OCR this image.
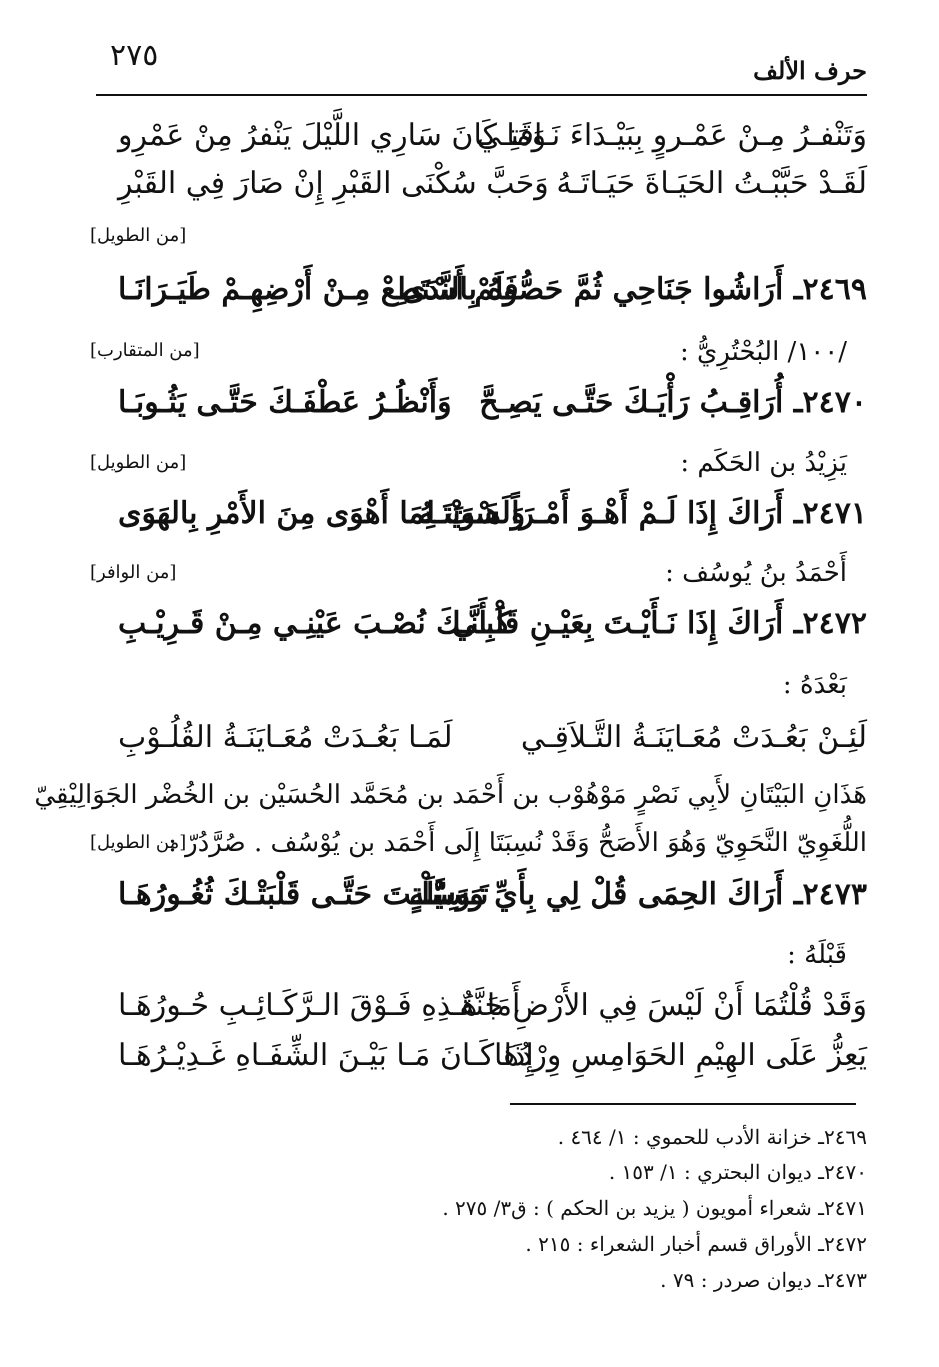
٢٧٥	حرف الألف
وَتَنْفـرُ مِـنْ عَمْـروٍ بِبَيْـدَاءَ نَـاقَتِـي
وَمَا كَانَ سَارِي اللَّيْلَ يَنْفرُ مِنْ عَمْرِو
لَقَـدْ حَبَّبْـتُ الحَيَـاةَ حَيَـاتَـهُ
وَحَبَّ سُكْنَى القَبْرِ إِنْ صَارَ فِي القَبْرِ
[من الطويل]
٢٤٦٩ـ أَرَاشُوا جَنَاحِي ثُمَّ حَصُّوهُ بِالنَّدَى
فَلَمْ أَسْتَطِعْ مِـنْ أَرْضِهِـمْ طَيَـرَانَـا
[من المتقارب]	/١٠٠/ البُحْتُرِيُّ :
٢٤٧٠ـ أُرَاقِـبُ رَأْيَـكَ حَتَّـى يَصِـحَّ
وَأَنْظُـرُ عَطْفَـكَ حَتَّـى يَثُـوبَـا
[من الطويل]	يَزِيْدُ بن الحَكَم :
٢٤٧١ـ أَرَاكَ إِذَا لَـمْ أَهْـوَ أَمْـرَاً هَـوَيْتَـهُ
وَلَسْتَ لِمَا أَهْوَى مِنَ الأَمْرِ بِالهَوَى
[من الوافر]	أَحْمَدُ بنُ يُوسُف :
٢٤٧٢ـ أَرَاكَ إِذَا نَـأَيْـتَ بِعَيْـنِ قَلْبِـي
كَـأَنَّـكَ نُصْـبَ عَيْنِـي مِـنْ قَـرِيْـبِ
بَعْدَهُ :
لَئِـنْ بَعُـدَتْ مُعَـايَنَـةُ التَّـلاَقِـي
لَمَـا بَعُـدَتْ مُعَـايَنَـةُ القُلُـوْبِ
هَذَانِ البَيْتَانِ لأَبِي نَصْرٍ مَوْهُوْب بن أَحْمَد بن مُحَمَّد الحُسَيْن بن الخُضْر الجَوَالِيْقِيّ
اللُّغَوِيّ النَّحَوِيّ وَهُوَ الأَصَحُّ وَقَدْ نُسِبَتَا إِلَى أَحْمَد بن يُوْسُف . صُرَّدُرّ :
[من الطويل]
٢٤٧٣ـ أَرَاكَ الحِمَى قُلْ لِي بِأَيِّ وَسِيْلَةٍ
تَـوَسَّلْـتَ حَتَّـى قَلْبَتْـكَ ثُغُـورُهَـا
قَبْلَهُ :
وَقَدْ قُلْتُمَا أَنْ لَيْسَ فِي الأَرْضِ جَنَّةٌ
أَمَا هَـذِهِ فَـوْقَ الـرَّكَـائِـبِ حُـورُهَـا
يَعِزُّ عَلَى الهِيْمِ الحَوَامِسِ وِرْدُهَا
إِذَا كَـانَ مَـا بَيْـنَ الشِّفَـاهِ غَـدِيْـرُهَـا
٢٤٦٩ـ خزانة الأدب للحموي : ١/ ٤٦٤ .
٢٤٧٠ـ ديوان البحتري : ١/ ١٥٣ .
٢٤٧١ـ شعراء أمويون ( يزيد بن الحكم ) : ق٣/ ٢٧٥ .
٢٤٧٢ـ الأوراق قسم أخبار الشعراء : ٢١٥ .
٢٤٧٣ـ ديوان صردر : ٧٩ .
